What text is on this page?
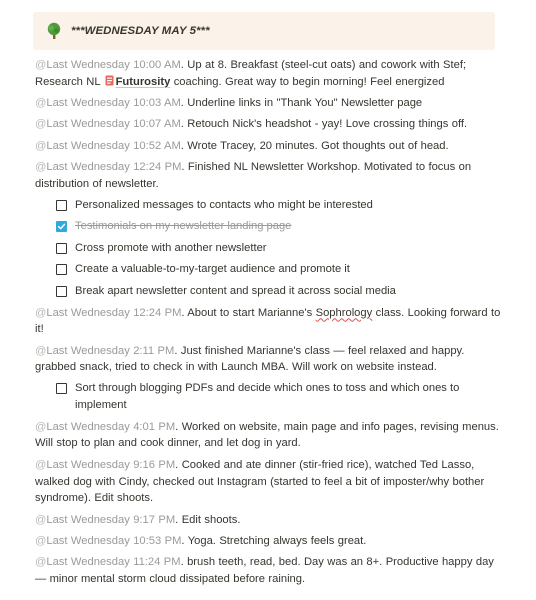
***WEDNESDAY MAY 5***

@Last Wednesday 10:00 AM. Up at 8. Breakfast (steel-cut oats) and cowork with Stef; Research NL Futurosity coaching. Great way to begin morning! Feel energized

@Last Wednesday 10:03 AM. Underline links in "Thank You" Newsletter page

@Last Wednesday 10:07 AM. Retouch Nick's headshot - yay! Love crossing things off.

@Last Wednesday 10:52 AM. Wrote Tracey, 20 minutes. Got thoughts out of head.

@Last Wednesday 12:24 PM. Finished NL Newsletter Workshop. Motivated to focus on distribution of newsletter.

Personalized messages to contacts who might be interested
Testimonials on my newsletter landing page
Cross promote with another newsletter
Create a valuable-to-my-target audience and promote it
Break apart newsletter content and spread it across social media

@Last Wednesday 12:24 PM. About to start Marianne's Sophrology class. Looking forward to it!

@Last Wednesday 2:11 PM. Just finished Marianne's class — feel relaxed and happy. grabbed snack, tried to check in with Launch MBA. Will work on website instead.

Sort through blogging PDFs and decide which ones to toss and which ones to implement

@Last Wednesday 4:01 PM. Worked on website, main page and info pages, revising menus. Will stop to plan and cook dinner, and let dog in yard.

@Last Wednesday 9:16 PM. Cooked and ate dinner (stir-fried rice), watched Ted Lasso, walked dog with Cindy, checked out Instagram (started to feel a bit of imposter/why bother syndrome). Edit shoots.

@Last Wednesday 9:17 PM. Edit shoots.

@Last Wednesday 10:53 PM. Yoga. Stretching always feels great.

@Last Wednesday 11:24 PM. brush teeth, read, bed. Day was an 8+. Productive happy day — minor mental storm cloud dissipated before raining.
